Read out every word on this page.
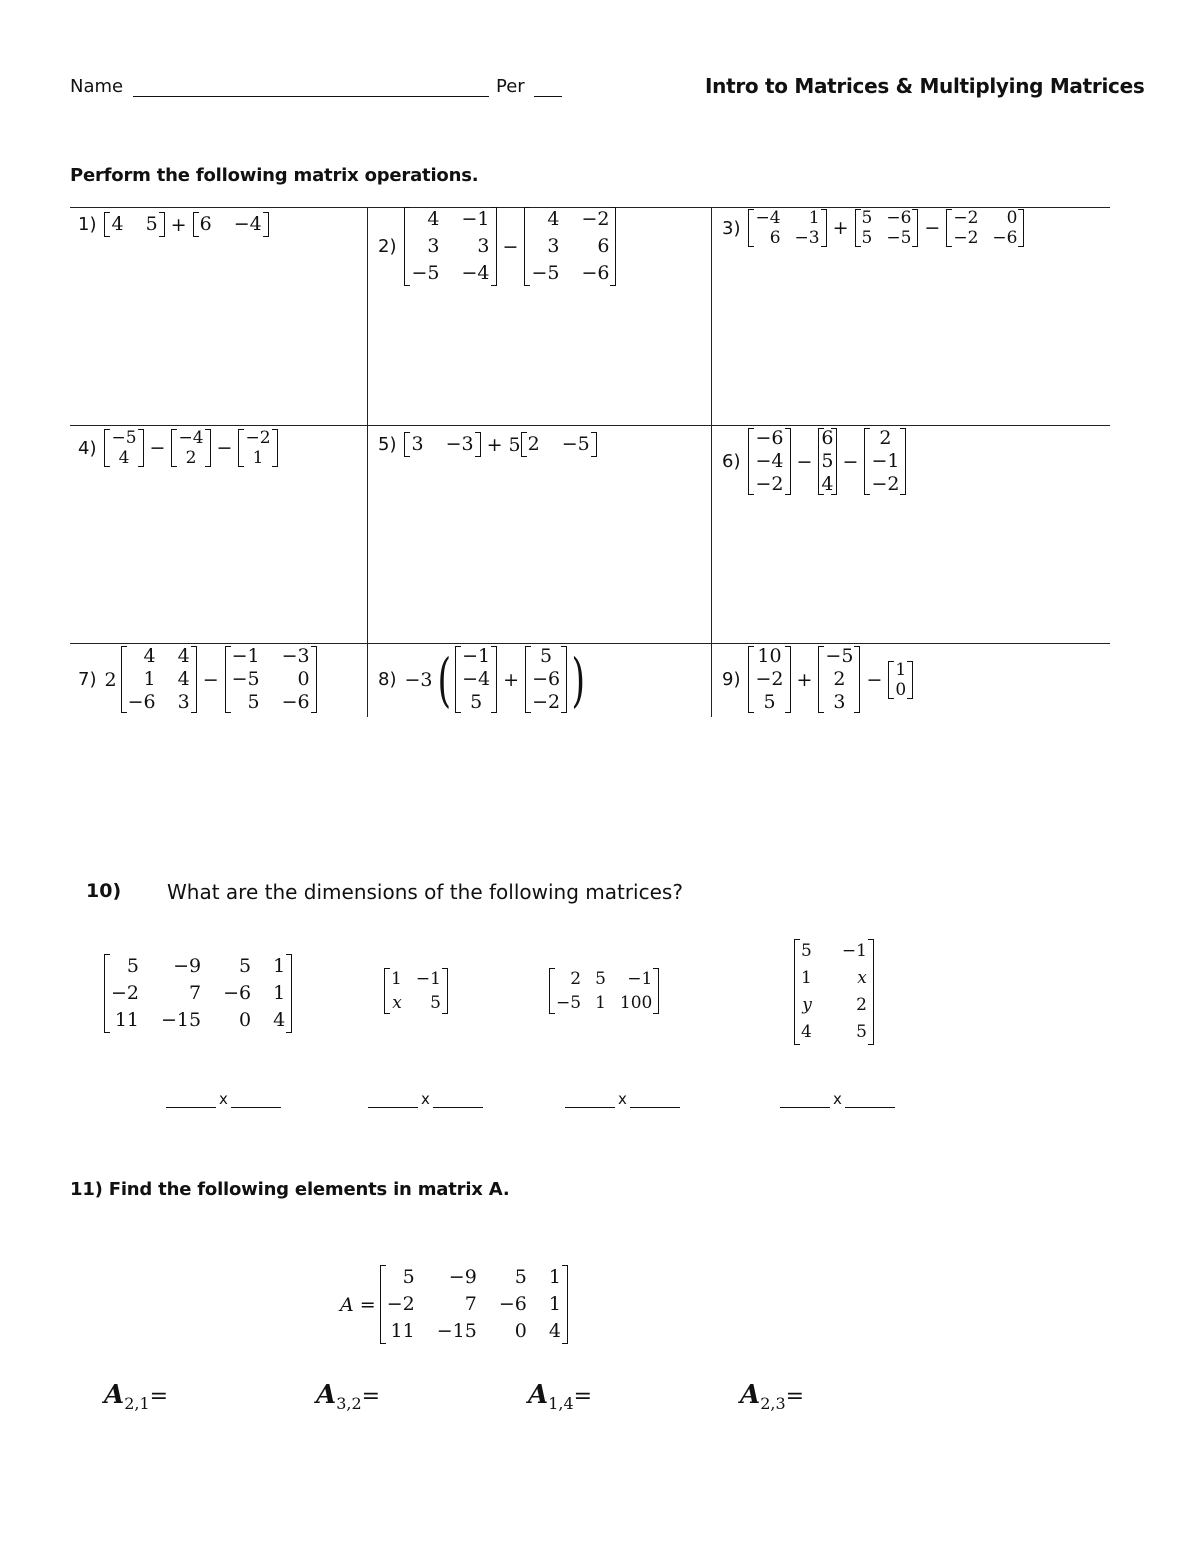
Name	Per	Intro to Matrices & Multiplying Matrices
Perform the following matrix operations.
1) 4 5 + 6 −4
2)
4 −1
3	3
−5 −4
−
4 −2
3	6
−5 −6
3) −4	1
6 −3 + 5 −6
5 −5 − −2	0
−2 −6
4) −5
4	− −4
2	− −2
1
5) 3 −3 + 5 2 −5
6)
−6
−4
−2
−
6
5
4
−
2
−1
−2
7) 2
4 4
1 4
−6 3
−
−1 −3
−5	0
5 −6
8) −3 ( −1
−4
5
+
5
−6
−2 )	9)
10
−2
5
+
−5
2
3
− 1
0
10) What are the dimensions of the following matrices?
5	−9	5 1
−2	7 −6 1
11 −15	0 4
1 −1
x	5
2 5	−1
−5 1 100
5 −1
1	x
y	2
4	5
x	x	x	x
11) Find the following elements in matrix A.
A =
5	−9	5 1
−2	7 −6 1
11 −15	0 4
$A_{2,1}=$	$A_{3,2}=$	$A_{1,4}=$	$A_{2,3}=$
